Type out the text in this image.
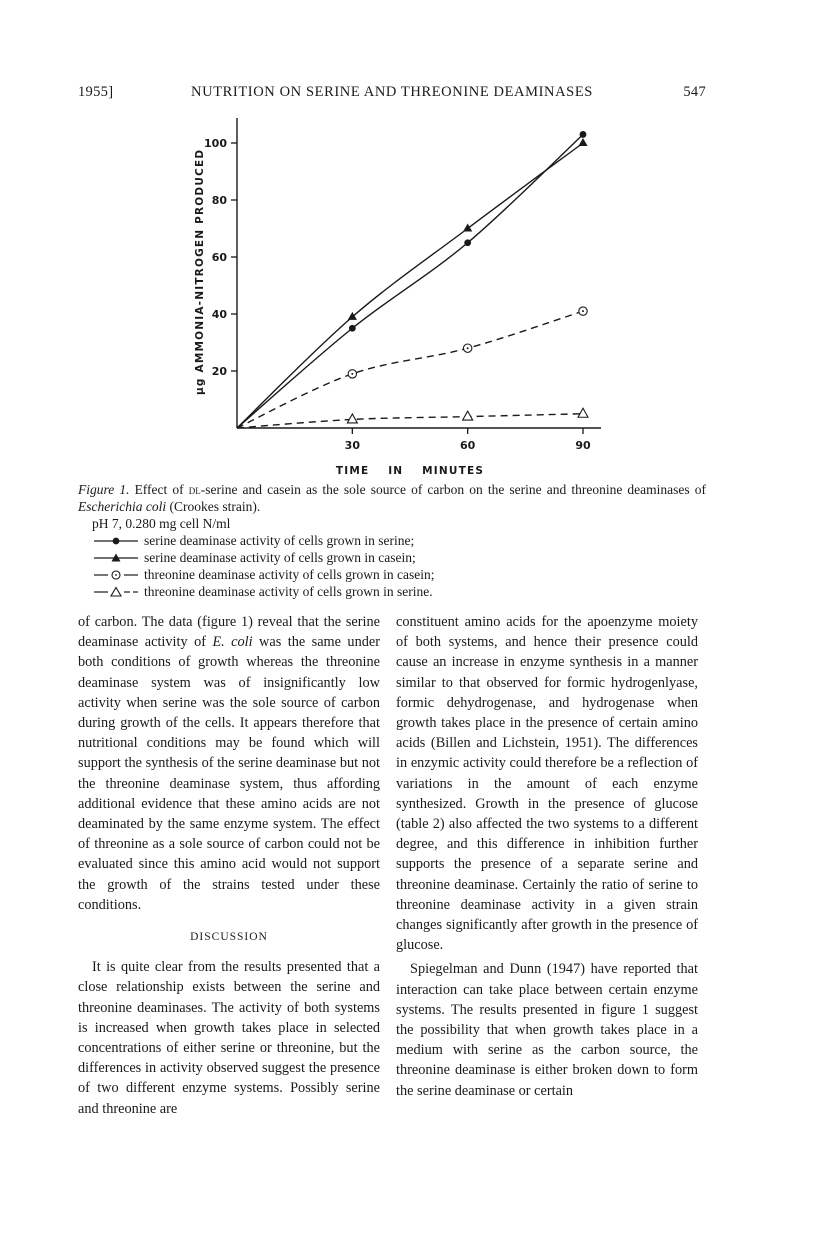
1955]	NUTRITION ON SERINE AND THREONINE DEAMINASES	547
20
40
60
80
100
30	60	90
μg AMMONIA-NITROGEN PRODUCED
TIME IN MINUTES
Figure 1. Effect of dl-serine and casein as the sole source of carbon on the serine and threonine deaminases of Escherichia coli (Crookes strain).
pH 7, 0.280 mg cell N/ml
serine deaminase activity of cells grown in serine;
serine deaminase activity of cells grown in casein;
threonine deaminase activity of cells grown in casein;
threonine deaminase activity of cells grown in serine.

of carbon. The data (figure 1) reveal that the serine deaminase activity of E. coli was the same under both conditions of growth whereas the threonine deaminase system was of insignificantly low activity when serine was the sole source of carbon during growth of the cells. It appears therefore that nutritional conditions may be found which will support the synthesis of the serine deaminase but not the threonine deaminase system, thus affording additional evidence that these amino acids are not deaminated by the same enzyme system. The effect of threonine as a sole source of carbon could not be evaluated since this amino acid would not support the growth of the strains tested under these conditions.

DISCUSSION

It is quite clear from the results presented that a close relationship exists between the serine and threonine deaminases. The activity of both systems is increased when growth takes place in selected concentrations of either serine or threonine, but the differences in activity observed suggest the presence of two different enzyme systems. Possibly serine and threonine are

constituent amino acids for the apoenzyme moiety of both systems, and hence their presence could cause an increase in enzyme synthesis in a manner similar to that observed for formic hydrogenlyase, formic dehydrogenase, and hydrogenase when growth takes place in the presence of certain amino acids (Billen and Lichstein, 1951). The differences in enzymic activity could therefore be a reflection of variations in the amount of each enzyme synthesized. Growth in the presence of glucose (table 2) also affected the two systems to a different degree, and this difference in inhibition further supports the presence of a separate serine and threonine deaminase. Certainly the ratio of serine to threonine deaminase activity in a given strain changes significantly after growth in the presence of glucose.

Spiegelman and Dunn (1947) have reported that interaction can take place between certain enzyme systems. The results presented in figure 1 suggest the possibility that when growth takes place in a medium with serine as the carbon source, the threonine deaminase is either broken down to form the serine deaminase or certain
